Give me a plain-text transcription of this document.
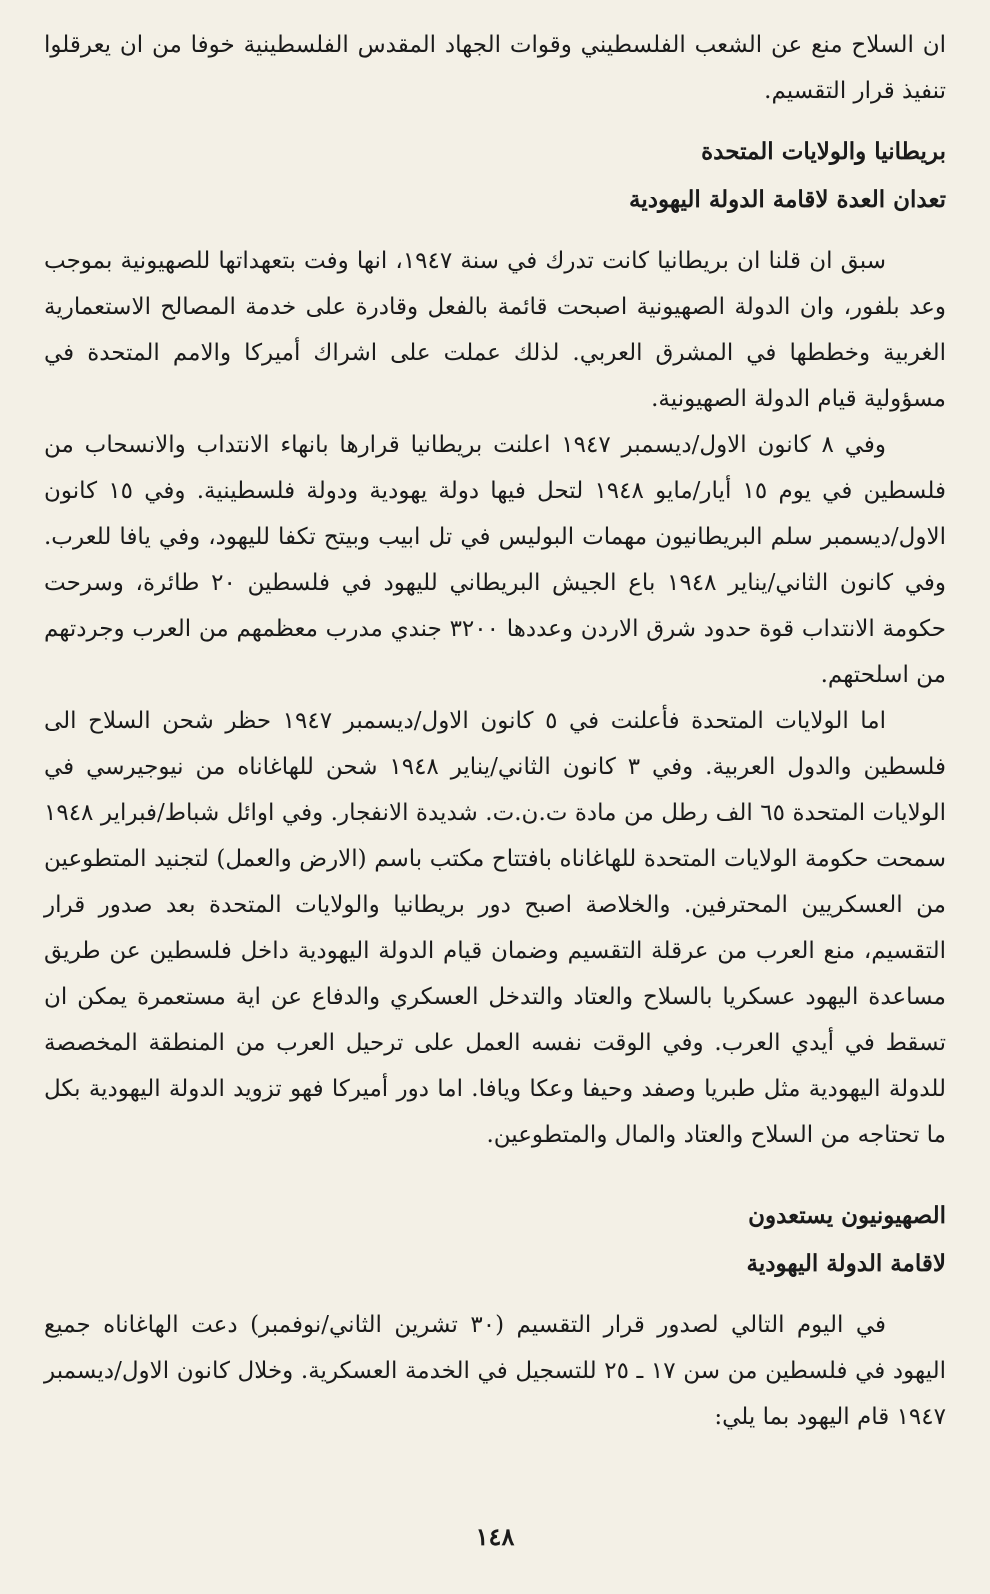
ان السلاح منع عن الشعب الفلسطيني وقوات الجهاد المقدس الفلسطينية خوفا من ان يعرقلوا تنفيذ قرار التقسيم.

بريطانيا والولايات المتحدة

تعدان العدة لاقامة الدولة اليهودية

سبق ان قلنا ان بريطانيا كانت تدرك في سنة ١٩٤٧، انها وفت بتعهداتها للصهيونية بموجب وعد بلفور، وان الدولة الصهيونية اصبحت قائمة بالفعل وقادرة على خدمة المصالح الاستعمارية الغربية وخططها في المشرق العربي. لذلك عملت على اشراك أميركا والامم المتحدة في مسؤولية قيام الدولة الصهيونية.

وفي ٨ كانون الاول/ديسمبر ١٩٤٧ اعلنت بريطانيا قرارها بانهاء الانتداب والانسحاب من فلسطين في يوم ١٥ أيار/مايو ١٩٤٨ لتحل فيها دولة يهودية ودولة فلسطينية. وفي ١٥ كانون الاول/ديسمبر سلم البريطانيون مهمات البوليس في تل ابيب وبيتح تكفا لليهود، وفي يافا للعرب. وفي كانون الثاني/يناير ١٩٤٨ باع الجيش البريطاني لليهود في فلسطين ٢٠ طائرة، وسرحت حكومة الانتداب قوة حدود شرق الاردن وعددها ٣٢٠٠ جندي مدرب معظمهم من العرب وجردتهم من اسلحتهم.

اما الولايات المتحدة فأعلنت في ٥ كانون الاول/ديسمبر ١٩٤٧ حظر شحن السلاح الى فلسطين والدول العربية. وفي ٣ كانون الثاني/يناير ١٩٤٨ شحن للهاغاناه من نيوجيرسي في الولايات المتحدة ٦٥ الف رطل من مادة ت.ن.ت. شديدة الانفجار. وفي اوائل شباط/فبراير ١٩٤٨ سمحت حكومة الولايات المتحدة للهاغاناه بافتتاح مكتب باسم (الارض والعمل) لتجنيد المتطوعين من العسكريين المحترفين. والخلاصة اصبح دور بريطانيا والولايات المتحدة بعد صدور قرار التقسيم، منع العرب من عرقلة التقسيم وضمان قيام الدولة اليهودية داخل فلسطين عن طريق مساعدة اليهود عسكريا بالسلاح والعتاد والتدخل العسكري والدفاع عن اية مستعمرة يمكن ان تسقط في أيدي العرب. وفي الوقت نفسه العمل على ترحيل العرب من المنطقة المخصصة للدولة اليهودية مثل طبريا وصفد وحيفا وعكا ويافا. اما دور أميركا فهو تزويد الدولة اليهودية بكل ما تحتاجه من السلاح والعتاد والمال والمتطوعين.

الصهيونيون يستعدون

لاقامة الدولة اليهودية

في اليوم التالي لصدور قرار التقسيم (٣٠ تشرين الثاني/نوفمبر) دعت الهاغاناه جميع اليهود في فلسطين من سن ١٧ ـ ٢٥ للتسجيل في الخدمة العسكرية. وخلال كانون الاول/ديسمبر ١٩٤٧ قام اليهود بما يلي:

١٤٨
